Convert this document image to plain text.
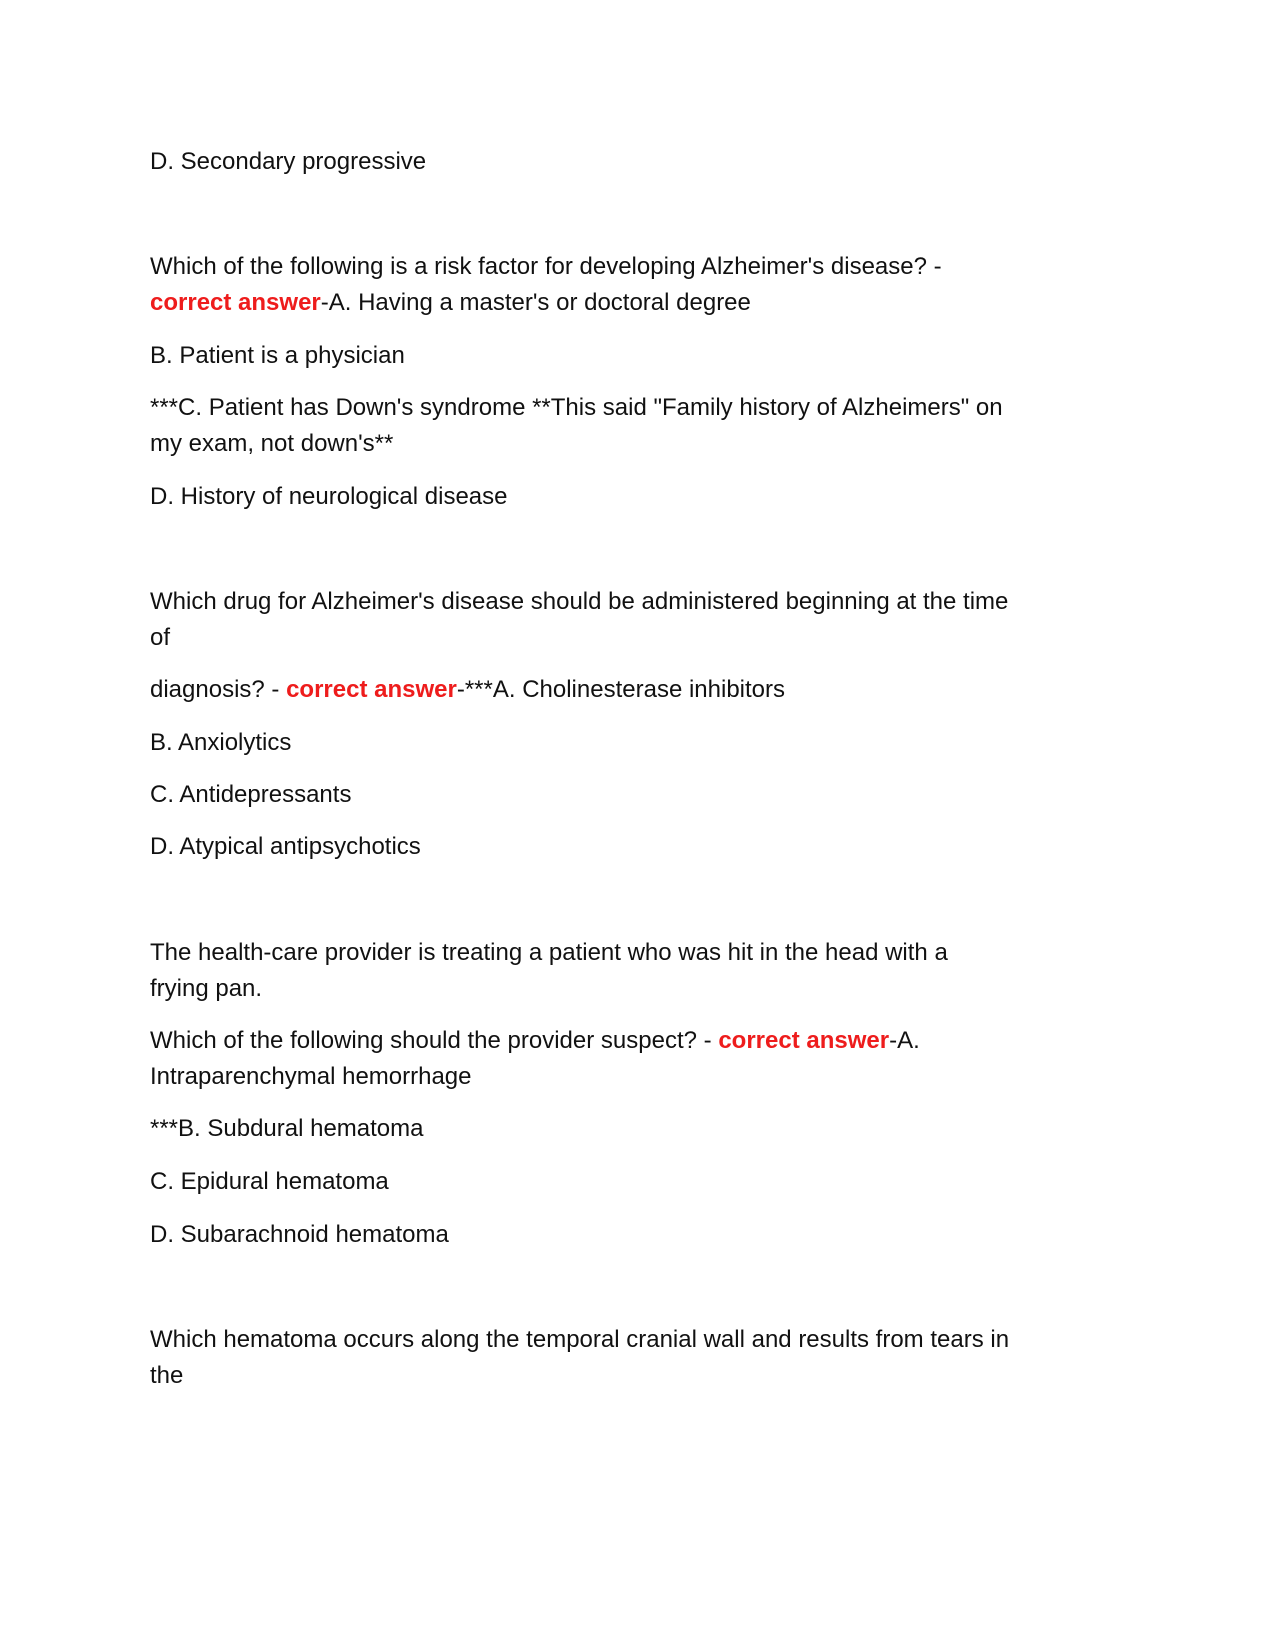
D. Secondary progressive

Which of the following is a risk factor for developing Alzheimer's disease? -

correct answer-A. Having a master's or doctoral degree

B. Patient is a physician

***C. Patient has Down's syndrome **This said "Family history of Alzheimers" on

my exam, not down's**

D. History of neurological disease

Which drug for Alzheimer's disease should be administered beginning at the time

of

diagnosis? - correct answer-***A. Cholinesterase inhibitors

B. Anxiolytics

C. Antidepressants

D. Atypical antipsychotics

The health-care provider is treating a patient who was hit in the head with a

frying pan.

Which of the following should the provider suspect? - correct answer-A.

Intraparenchymal hemorrhage

***B. Subdural hematoma

C. Epidural hematoma

D. Subarachnoid hematoma

Which hematoma occurs along the temporal cranial wall and results from tears in

the
